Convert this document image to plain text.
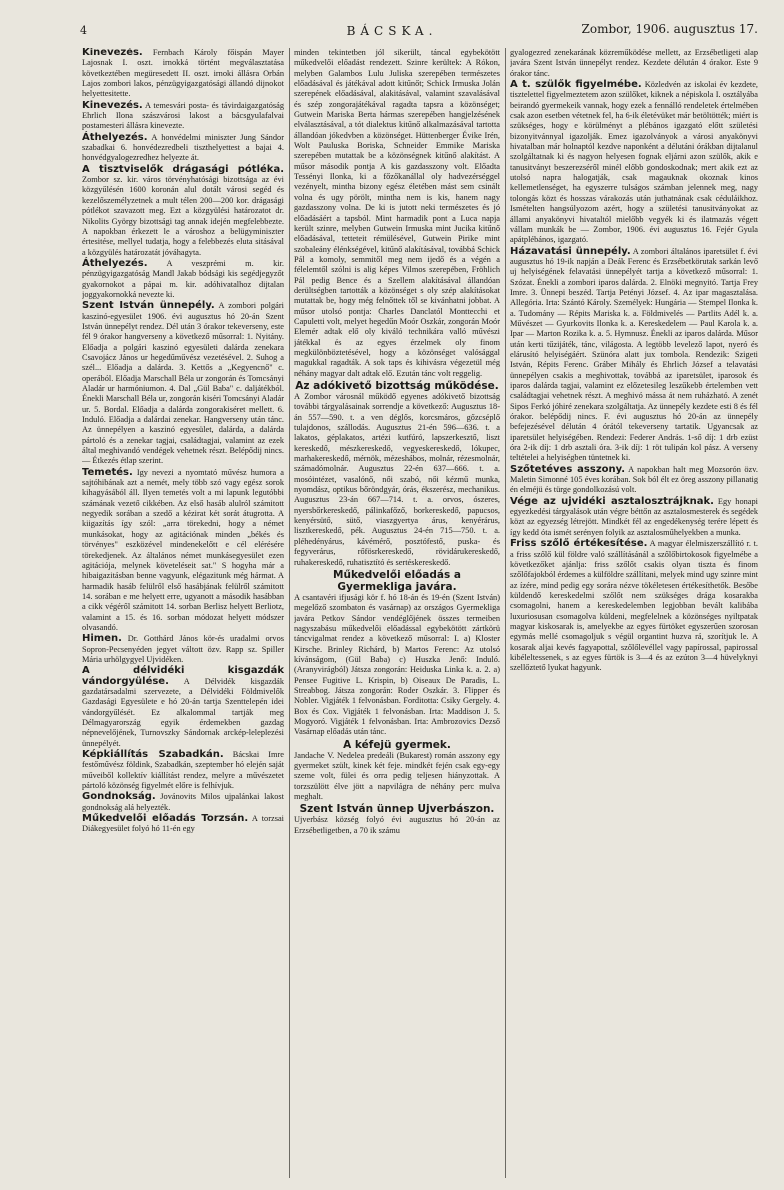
4	BÁCSKA.	Zombor, 1906. augusztus 17.

Kinevezés. Fernbach Károly főispán Mayer Lajosnak I. oszt. irnokká történt megválasztatása következtében megüresedett II. oszt. irnoki állásra Orbán Lajos zombori lakos, pénzügyigazgatósági állandó dijnokot helyettesitette.

Kinevezés. A temesvári posta- és távirdaigazgatóság Ehrlich Ilona szászvárosi lakost a bácsgyulafalvai postamesteri állásra kinevezte.

Áthelyezés. A honvédelmi miniszter Jung Sándor szabadkai 6. honvédezredbeli tiszthelyettest a bajai 4. honvédgyalogezredhez helyezte át.

A tisztviselők drágasági pótléka. Zombor sz. kir. város törvényhatósági bizottsága az évi közgyűlésén 1600 koronán alul dotált városi segéd és kezelőszemélyzetnek a mult télen 200—200 kor. drágasági pótlékot szavazott meg. Ezt a közgyülési határozatot dr. Nikolits György bizottsági tag annak idején megfelebbezte. A napokban érkezett le a városhoz a belügyminiszter értesitése, mellyel tudatja, hogy a felebbezés eluta sitásával a közgyülés határozatát jóváhagyta.

Áthelyezés. A veszprémi m. kir. pénzügyigazgatóság Mandl Jakab bódsági kis segédjegyzőt gyakornokot a pápai m. kir. adóhivatalhoz dijtalan joggyakornokká nevezte ki.

Szent István ünnepély. A zombori polgári kaszinó-egyesület 1906. évi augusztus hó 20-án Szent István ünnepélyt rendez. Dél után 3 órakor tekeverseny, este fél 9 órakor hangverseny a következő műsorral: 1. Nyitány. Előadja a polgári kaszinó egyesületi dalárda zenekara Csavojácz János ur hegedűművész vezetésével. 2. Suhog a szél... Előadja a dalárda. 3. Kettős a „Kegyencnő" c. operából. Előadja Marschall Béla ur zongorán és Tomcsányi Aladár ur harmóniumon. 4. Dal „Gül Baba" c. daljátékból. Énekli Marschall Béla ur, zongorán kiséri Tomcsányi Aladár ur. 5. Bordal. Előadja a dalárda zongorakiséret mellett. 6. Induló. Előadja a dalárdai zenekar. Hangverseny után tánc. Az ünnepélyen a kaszinó egyesület, dalárda, a dalárda pártoló és a zenekar tagjai, családtagjai, valamint az ezek által meghivandó vendégek vehetnek részt. Belépődij nincs. — Étkezés étlap szerint.

Temetés. Igy nevezi a nyomtató művész humora a sajtóhibának azt a nemét, mely több szó vagy egész sorok kihagyásából áll. Ilyen temetés volt a mi lapunk legutóbbi számának vezető cikkében. Az első hasáb alulról számitott negyedik sorában a szedő a kézirat két sorát átugrotta. A kiigazítás így szól: „arra törekedni, hogy a német munkásokat, hogy az agitációnak minden „békés és törvényes" eszközével mindenekelőtt e cél elérésére törekedjenek. Az általános német munkásegyesület ezen agitációja, melynek követeléseit sat." S hogyha már a hibaigazitásban benne vagyunk, elégazitunk még hármat. A harmadik hasáb felülről első hasábjának felülről számitott 14. sorában e me helyett erre, ugyanott a második hasábban a cikk végéről számitott 14. sorban Berlisz helyett Berliotz, valamint a 15. és 16. sorban módozat helyett módszer olvasandó.

Himen. Dr. Gotthárd János kör-és uradalmi orvos Sopron-Pecsenyéden jegyet váltott özv. Rapp sz. Spiller Mária urhölgygyel Ujvidéken.

A délvidéki kisgazdák vándorgyülése. A Délvidék kisgazdák gazdatársadalmi szervezete, a Délvidéki Földmivelők Gazdasági Egyesülete e hó 20-án tartja Szenttelepén idei vándorgyűlését. Ez alkalommal tartják meg Délmagyarország egyik érdemekben gazdag népnevelőjének, Turnovszky Sándornak arckép-leleplezési ünnepélyét.

Képkiállítás Szabadkán. Bácskai Imre festőművész földink, Szabadkán, szeptember hó elején saját műveiből kollektív kiállítást rendez, melyre a művészetet pártoló közönség figyelmét előre is felhívjuk.

Gondnokság. Jovánovits Milos ujpalánkai lakost gondnokság alá helyezték.

Műkedvelői előadás Torzsán. A torzsai Diákegyesület folyó hó 11-én egy

minden tekintetben jól sikerült, táncal egybekötött műkedvelői előadást rendezett. Szinre kerültek: A Rókon, melyben Galambos Lulu Juliska szerepében természetes előadásával és játékával adott kitűnőt; Schick Irmuska Jolán szerepének előadásával, alakitásával, valamint szavalásával és szép zongorajátékával ragadta tapsra a közönséget; Gutwein Mariska Berta hármas szerepében hangjelzésének elválasztásával, a tót dialektus kitűnő alkalmazásával tartotta állandóan jókedvben a közönséget. Hüttenberger Évike Irén, Wolt Pauluska Boriska, Schneider Emmike Mariska szerepében mutattak be a közönségnek kitűnő alakítást. A műsor második pontja A kis gazdasszony volt. Előadta Tessényi Ilonka, ki a főzőkanállal oly hadvezérséggel vezényelt, mintha bizony egész életében mást sem csinált volna és ugy pörölt, mintha nem is kis, hanem nagy gazdasszony volna. De ki is jutott neki természetes és jó előadásáért a tapsból. Mint harmadik pont a Luca napja került szinre, melyben Gutwein Irmuska mint Jucika kitűnő előadásával, tetteteit rémülésével, Gutwein Pirike mint szobaleány élénkségével, kitűnő alakításával, továbbá Schick Pál a komoly, semmitől meg nem ijedő és a végén a félelemtől szólni is alig képes Vilmos szerepében, Fröhlich Pál pedig Bence és a Szellem alakításával állandóan derültségben tartották a közönséget s oly szép alakításokat mutattak be, hogy még felnőttek től se kivánhatni jobbat. A műsor utolsó pontja: Charles Danclatól Monttecchi et Capuletti volt, melyet hegedűn Moór Oszkár, zongorán Moór Elemér adtak elő oly kiváló technikára valló művészi játékkal és az egyes érzelmek oly finom megkülönböztetésével, hogy a közönséget valósággal magukkal ragadták. A sok taps és kihivásra végezetül még néhány magyar dalt adtak elő. Ezután tánc volt reggelig.

Az adókivető bizottság működése.
A Zombor városnál működő egyenes adókivető bizottság további tárgyalásainak sorrendje a következő: Augusztus 18-án 557—590. t. a ven déglős, korcsmáros, gőzcséplő tulajdonos, szállodás. Augusztus 21-én 596—636. t. a lakatos, géplakatos, artézi kutfúró, lapszerkesztő, liszt kereskedő, mészkereskedő, vegyeskereskedő, lókupec, marhakereskedő, mérnök, mézeshábos, molnár, rézesmolnár, számadómolnár. Augusztus 22-én 637—666. t. a. mosóintézet, vasalónő, női szabó, női kézmű munka, nyomdász, optikus bőröndgyár, órás, ékszerész, mechanikus. Augusztus 23-án 667—714. t. a. orvos, ószeres, nyersbőrkereskedő, pálinkafőző, borkereskedő, papucsos, kenyérsütő, sütő, viaszgyertya árus, kenyérárus, lisztkereskedő, pék. Augusztus 24-én 715—750. t. a. pléhedényárus, kávémérő, posztófestő, puska- és fegyverárus, rőfösrkereskedő, rövidárukereskedő, ruhakereskedő, ruhatisztító és sertéskereskedő.

Műkedvelői előadás a Gyermekliga javára.
A csantavéri ifjusági kör f. hó 18-án és 19-én (Szent István) megelőző szombaton és vasárnap) az országos Gyermekliga javára Petkov Sándor vendéglőjének összes termeiben nagyszabásu műkedvelői előadással egybekötött zártkörü táncvigalmat rendez a következő műsorral: I. a) Kloster Kirsche. Brinley Richárd, b) Martos Ferenc: Az utolsó kívánságom, (Gül Baba) c) Huszka Jenő: Induló. (Aranyvirágból) Játsza zongorán: Heiduska Linka k. a. 2. a) Pensee Fugitive L. Krispin, b) Oiseaux De Paradis, L. Streabbog. Játsza zongorán: Roder Oszkár. 3. Flipper és Nobler. Vigjáték 1 felvonásban. Forditotta: Csiky Gergely. 4. Box és Cox. Vigjáték 1 felvonásban. Irta: Maddison J. 5. Mogyoró. Vigjáték 1 felvonásban. Irta: Ambrozovics Dezső Vasárnap előadás után tánc.

A kéfejü gyermek.
Jandache V. Nedelea predeáli (Bukarest) román asszony egy gyermeket szült, kinek két feje. mindkét fején csak egy-egy szeme volt, fülei és orra pedig teljesen hiányzottak. A torzszülött élve jött a napvilágra de néhány perc mulva meghalt.

Szent István ünnep Ujverbászon.
Ujverbász község folyó évi augusztus hó 20-án az Erzsébetligetben, a 70 ik számu

gyalogezred zenekarának közreműködése mellett, az Erzsébetligeti alap javára Szent István ünnepélyt rendez. Kezdete délután 4 órakor. Este 9 órakor tánc.

A t. szülők figyelmébe. Közledvén az iskolai év kezdete, tisztelettel figyelmeztetem azon szülőket, kiknek a népiskola I. osztályába beirandó gyermekeik vannak, hogy ezek a fennálló rendeletek értelmében csak azon esetben vétetnek fel, ha 6-ik életévüket már betöltötték; miért is szükséges, hogy e körülményt a plébános igazgató előtt születési bizonyitvánnyal igazolják. Emez igazolványok a városi anyakönyvi hivatalban már holnaptól kezdve naponként a délutáni órákban dijtalanul szolgáltatnak ki és nagyon helyesen fognak eljárni azon szülők, akik e tanusitványt beszerezséről minél előbb gondoskodnak; mert akik ezt az utolsó napra halogatják, csak magauknak okoznak kinos kellemetlenséget, ha egyszerre tulságos számban jelennek meg, nagy tolongás közt és hosszas várakozás után juthatnának csak céduláikhoz. Ismételten hangsúlyozom azért, hogy a születési tanusitványokat az állami anyakönyvi hivataltól mielőbb vegyék ki és ilatmazás végett vállam munkák be — Zombor, 1906. évi augusztus 16. Fejér Gyula apátplébános, igazgató.

Házavatási ünnepély. A zombori általános iparetsület f. évi augusztus hó 19-ik napján a Deák Ferenc és Erzsébetkörutak sarkán levő uj helyiségének felavatási ünnepélyét tartja a következő műsorral: 1. Szózat. Énekli a zombori iparos dalárda. 2. Elnöki megnyitó. Tartja Frey Imre. 3. Ünnepi beszéd. Tartja Petényi József. 4. Az ipar magasztalása. Allegória. Irta: Szántó Károly. Személyek: Hungária — Stempel Ilonka k. a. Tudomány — Répits Mariska k. a. Földmivelés — Partlits Adél k. a. Művészet — Gyurkovits Ilonka k. a. Kereskedelem — Paul Karola k. a. Ipar — Marton Rozika k. a. 5. Hymnusz. Énekli az iparos dalárda. Műsor után kerti tűzijáték, tánc, világosta. A legtöbb levelező lapot, nyeró és elárusító helyiségáért. Szünóra alatt jux tombola. Rendezik: Szigeti István, Répits Ferenc. Gráber Mihály és Ehrlich József a telavatási ünnepélyen csakis a meghivottak, továbbá az iparetsület, iparosok és iparos dalárda tagjai, valamint ez előzetesileg leszűkebb értelemben vett családtagjai vehetnek részt. A meghivó mássa át nem ruházható. A zenét Sipos Ferkó jóhiré zenekara szolgáltatja. Az ünnepély kezdete esti 8 és fél órakor. belépődij nincs. F. évi augusztus hó 20-án az ünnepély befejezésével délután 4 órától tekeverseny tartatik. Ugyancsak az iparetsület helyiségében. Rendezi: Federer András. 1-ső díj: 1 drb ezüst óra 2-ik díj: 1 drb asztali óra. 3-ik díj: 1 röt tulipán kol pász. A verseny teltételei a helyiségben tüntetnek ki.

Szőtetéves asszony. A napokban halt meg Mozsorón özv. Maletin Simonné 105 éves korában. Sok ból élt ez öreg asszony pillanatig én elméjü és türge gondolkozású volt.

Vége az ujvidéki asztalosztrájknak. Egy honapi egyezkedési tárgyalások után végre béttőn az asztalosmesterek és segédek közt az egyezség létrejött. Mindkét fél az engedékenység terére lépett és így kedd óta ismét serényen folyik az asztalosműhelyekben a munka.

Friss szőlő értékesítése. A magyar élelmiszerszállító r. t. a friss szőlő kül földre való szállításánál a szőlőbirtokosok figyelmébe a következőket ajánlja: friss szőlőt csakis olyan tiszta és finom szőlőfajokból érdemes a külföldre szállítani, melyek mind ugy szinre mint az ízére, mind pedig egy sorára nézve tökéletesen értékesíthetők. Besőbe küldendő kereskedelmi szőlőt nem szükséges drága kosarakba csomagolni, hanem a kereskedelemben legjobban bevált kalibába luxuriosusan csomagolva küldeni, megfelelnek a közönséges nyiltpatak magyar kiskosarak is, amelyekbe az egyes fürtöket egyszerűen szorosan egymás mellé csomagoljuk s végül organtint huzva rá, szorítjuk le. A kosarak aljai kevés fagyapottal, szőlőlevéllel vagy papírossal, papirossal kibéleltessenek, s az egyes fürtök is 3—4 és az ezúton 3—4 hüvelyknyi szellőztető lyukat hagyunk.
